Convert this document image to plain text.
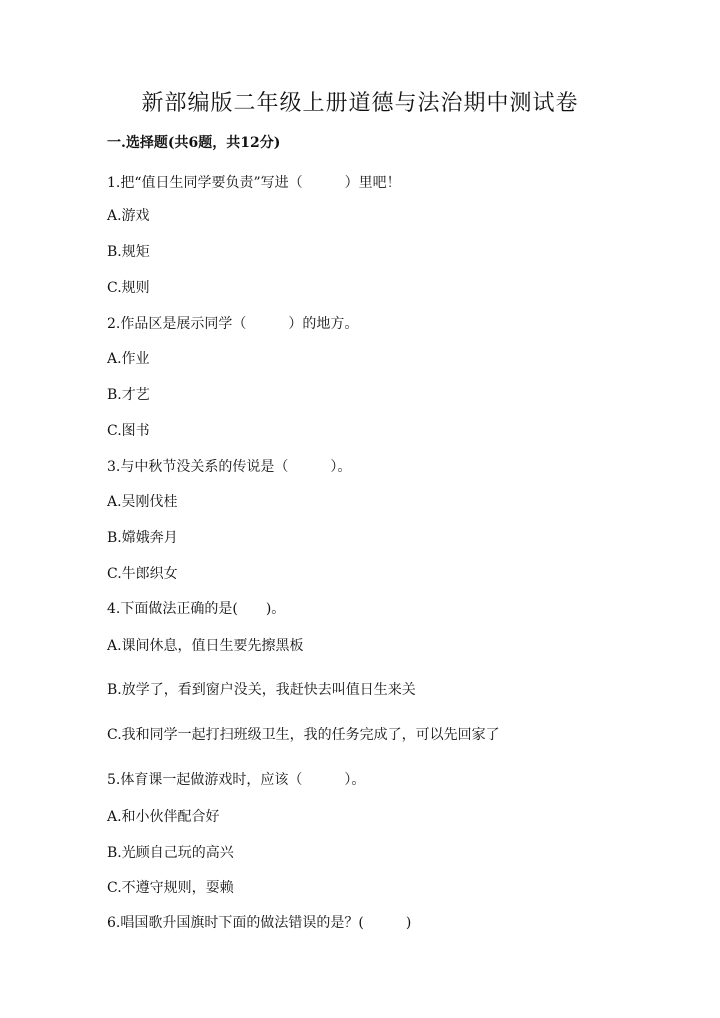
新部编版二年级上册道德与法治期中测试卷
一.选择题(共6题，共12分)
1.把“值日生同学要负责”写进（　　　）里吧！
A.游戏
B.规矩
C.规则
2.作品区是展示同学（　　　）的地方。
A.作业
B.才艺
C.图书
3.与中秋节没关系的传说是（　　　）。
A.吴刚伐桂
B.嫦娥奔月
C.牛郎织女
4.下面做法正确的是(　　)。
A.课间休息，值日生要先擦黑板
B.放学了，看到窗户没关，我赶快去叫值日生来关
C.我和同学一起打扫班级卫生，我的任务完成了，可以先回家了
5.体育课一起做游戏时，应该（　　　）。
A.和小伙伴配合好
B.光顾自己玩的高兴
C.不遵守规则，耍赖
6.唱国歌升国旗时下面的做法错误的是？(　　　)
